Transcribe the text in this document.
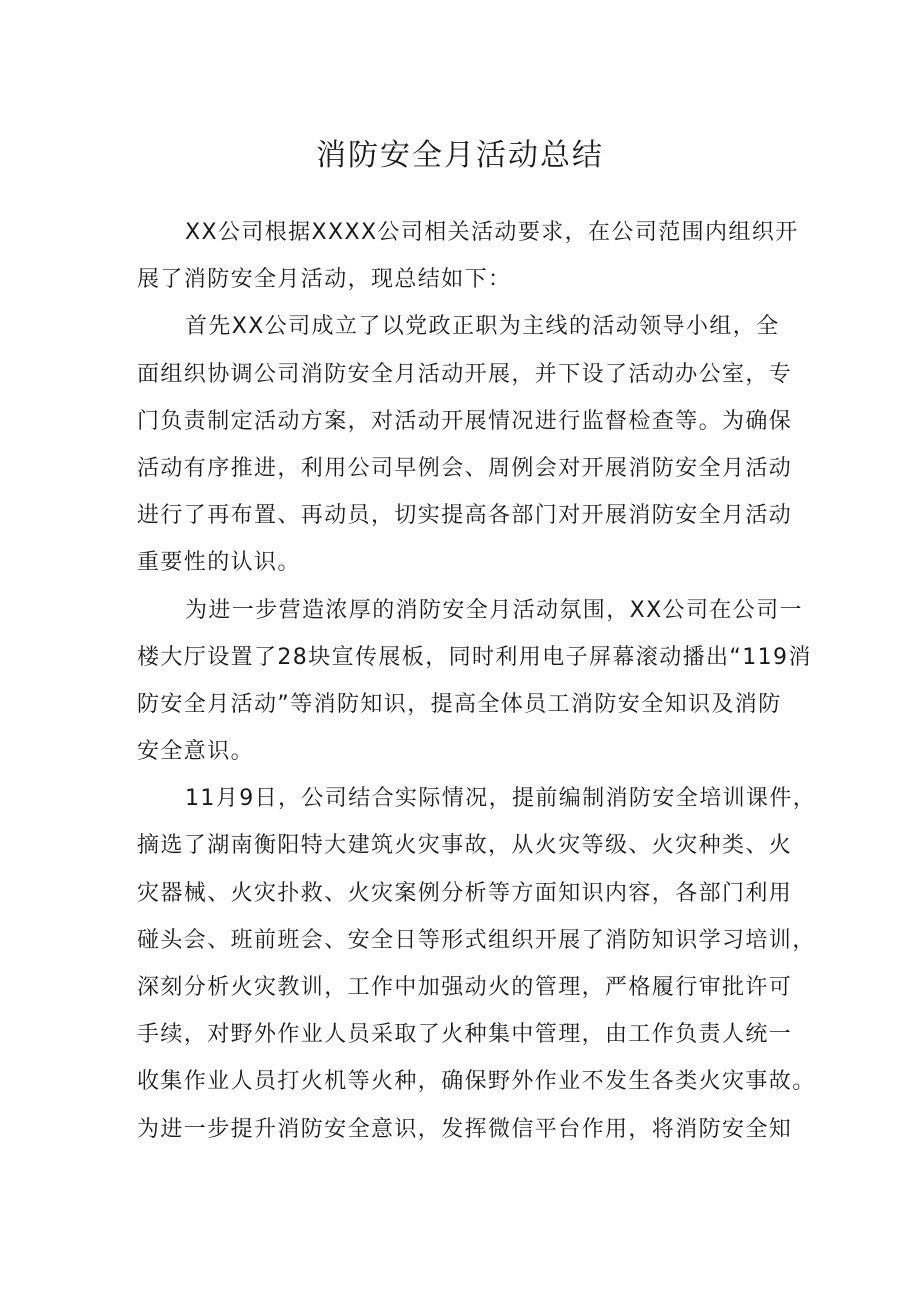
消防安全月活动总结

XX公司根据XXXX公司相关活动要求，在公司范围内组织开
展了消防安全月活动，现总结如下：

首先XX公司成立了以党政正职为主线的活动领导小组，全
面组织协调公司消防安全月活动开展，并下设了活动办公室，专
门负责制定活动方案，对活动开展情况进行监督检查等。为确保
活动有序推进，利用公司早例会、周例会对开展消防安全月活动
进行了再布置、再动员，切实提高各部门对开展消防安全月活动
重要性的认识。

为进一步营造浓厚的消防安全月活动氛围，XX公司在公司一
楼大厅设置了28块宣传展板，同时利用电子屏幕滚动播出“119消
防安全月活动”等消防知识，提高全体员工消防安全知识及消防
安全意识。

11月9日，公司结合实际情况，提前编制消防安全培训课件，
摘选了湖南衡阳特大建筑火灾事故，从火灾等级、火灾种类、火
灾器械、火灾扑救、火灾案例分析等方面知识内容，各部门利用
碰头会、班前班会、安全日等形式组织开展了消防知识学习培训，
深刻分析火灾教训，工作中加强动火的管理，严格履行审批许可
手续，对野外作业人员采取了火种集中管理，由工作负责人统一
收集作业人员打火机等火种，确保野外作业不发生各类火灾事故。
为进一步提升消防安全意识，发挥微信平台作用，将消防安全知
